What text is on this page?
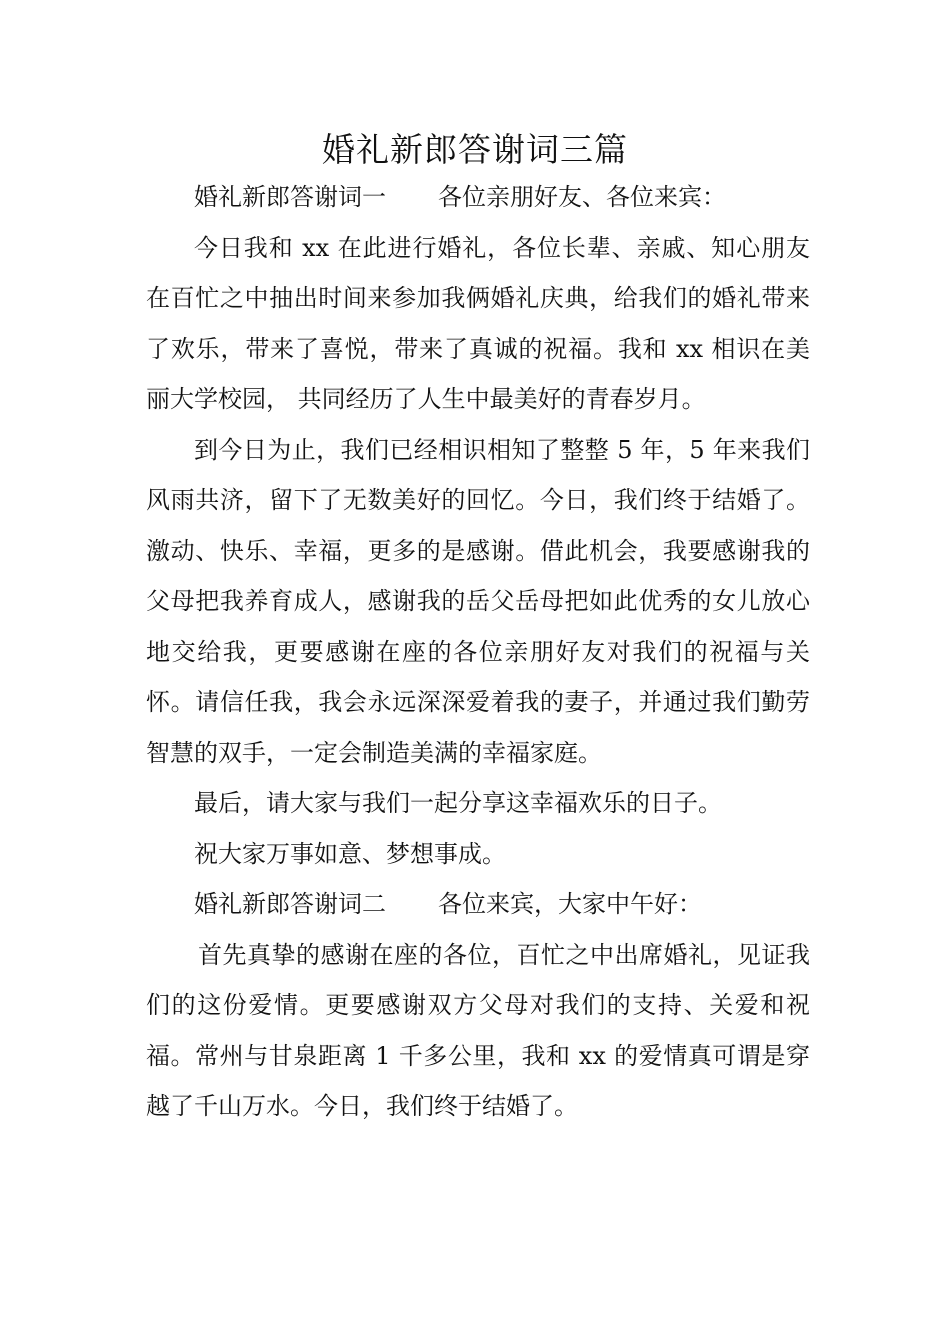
婚礼新郎答谢词三篇

婚礼新郎答谢词一 各位亲朋好友、各位来宾：

今日我和 xx 在此进行婚礼，各位长辈、亲戚、知心朋友在百忙之中抽出时间来参加我俩婚礼庆典，给我们的婚礼带来了欢乐，带来了喜悦，带来了真诚的祝福。我和 xx 相识在美丽大学校园， 共同经历了人生中最美好的青春岁月。

到今日为止，我们已经相识相知了整整 5 年，5 年来我们风雨共济，留下了无数美好的回忆。今日，我们终于结婚了。激动、快乐、幸福，更多的是感谢。借此机会，我要感谢我的父母把我养育成人，感谢我的岳父岳母把如此优秀的女儿放心地交给我，更要感谢在座的各位亲朋好友对我们的祝福与关怀。请信任我，我会永远深深爱着我的妻子，并通过我们勤劳智慧的双手，一定会制造美满的幸福家庭。

最后，请大家与我们一起分享这幸福欢乐的日子。

祝大家万事如意、梦想事成。

婚礼新郎答谢词二 各位来宾，大家中午好：

首先真挚的感谢在座的各位，百忙之中出席婚礼，见证我们的这份爱情。更要感谢双方父母对我们的支持、关爱和祝福。常州与甘泉距离 1 千多公里，我和 xx 的爱情真可谓是穿越了千山万水。今日，我们终于结婚了。
